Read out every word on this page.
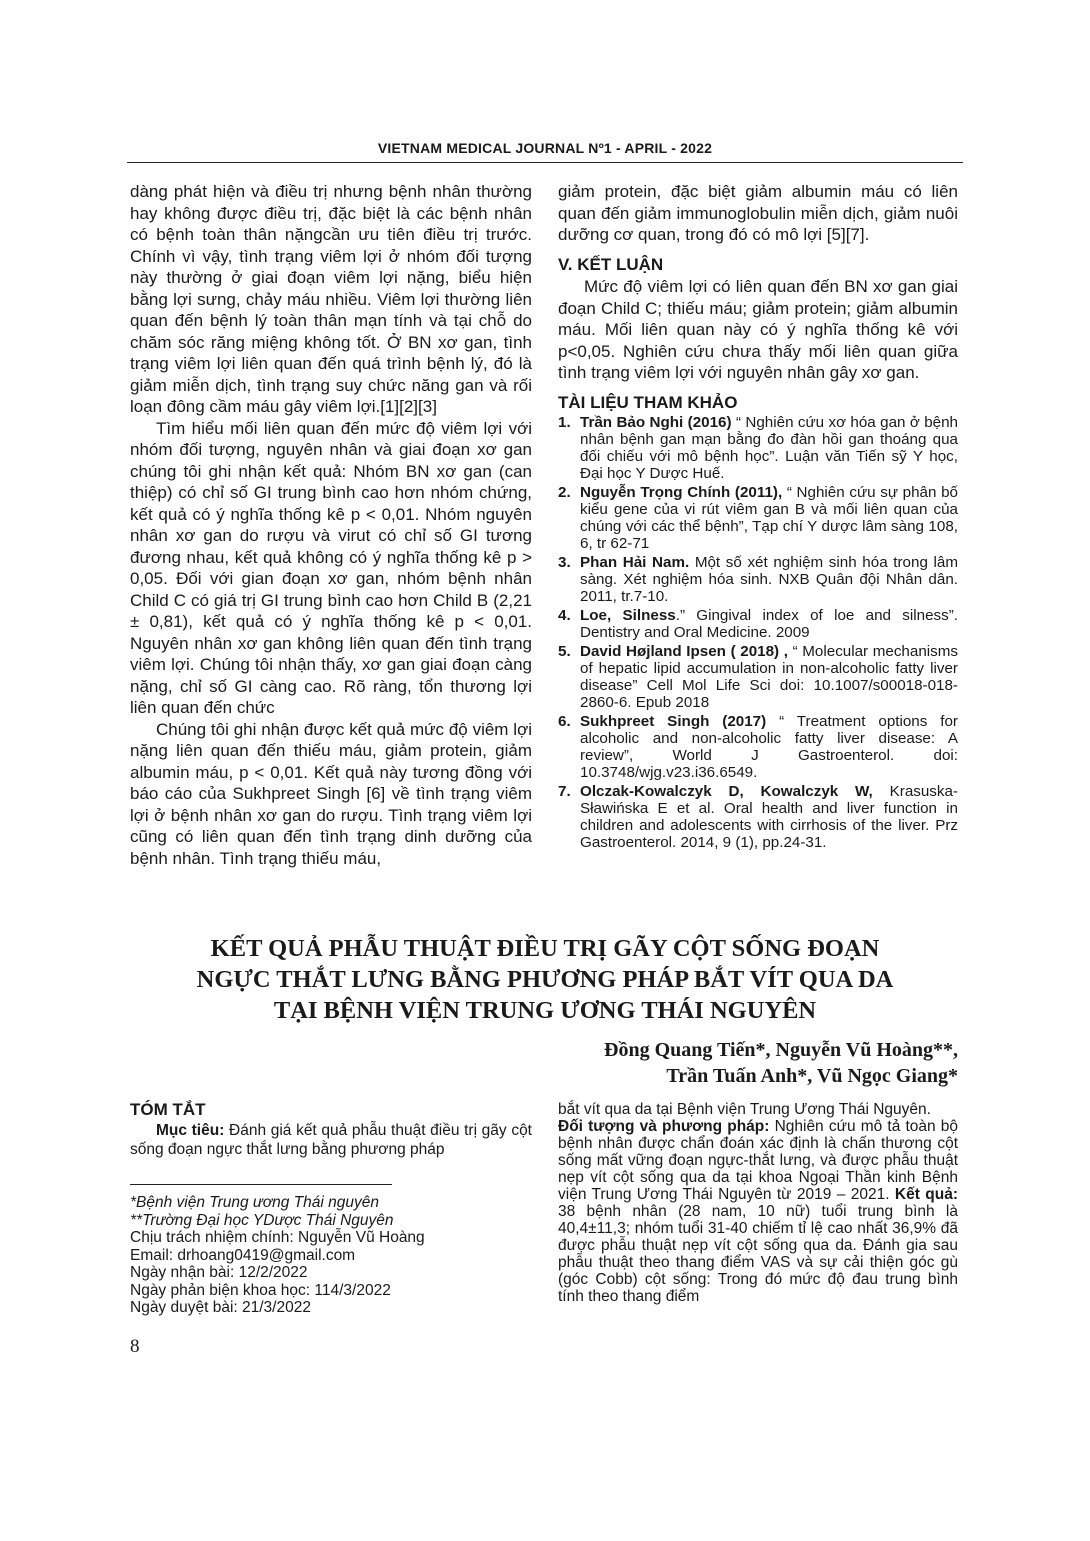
VIETNAM MEDICAL JOURNAL Nº1 - APRIL - 2022

dàng phát hiện và điều trị nhưng bệnh nhân thường hay không được điều trị, đặc biệt là các bệnh nhân có bệnh toàn thân nặngcần ưu tiên điều trị trước. Chính vì vậy, tình trạng viêm lợi ở nhóm đối tượng này thường ở giai đoạn viêm lợi nặng, biểu hiện bằng lợi sưng, chảy máu nhiều. Viêm lợi thường liên quan đến bệnh lý toàn thân mạn tính và tại chỗ do chăm sóc răng miệng không tốt. Ở BN xơ gan, tình trạng viêm lợi liên quan đến quá trình bệnh lý, đó là giảm miễn dịch, tình trạng suy chức năng gan và rối loạn đông cầm máu gây viêm lợi.[1][2][3]

Tìm hiểu mối liên quan đến mức độ viêm lợi với nhóm đối tượng, nguyên nhân và giai đoạn xơ gan chúng tôi ghi nhận kết quả: Nhóm BN xơ gan (can thiệp) có chỉ số GI trung bình cao hơn nhóm chứng, kết quả có ý nghĩa thống kê p < 0,01. Nhóm nguyên nhân xơ gan do rượu và virut có chỉ số GI tương đương nhau, kết quả không có ý nghĩa thống kê p > 0,05. Đối với gian đoạn xơ gan, nhóm bệnh nhân Child C có giá trị GI trung bình cao hơn Child B (2,21 ± 0,81), kết quả có ý nghĩa thống kê p < 0,01. Nguyên nhân xơ gan không liên quan đến tình trạng viêm lợi. Chúng tôi nhận thấy, xơ gan giai đoạn càng nặng, chỉ số GI càng cao. Rõ ràng, tổn thương lợi liên quan đến chức

Chúng tôi ghi nhận được kết quả mức độ viêm lợi nặng liên quan đến thiếu máu, giảm protein, giảm albumin máu, p < 0,01. Kết quả này tương đồng với báo cáo của Sukhpreet Singh [6] về tình trạng viêm lợi ở bệnh nhân xơ gan do rượu. Tình trạng viêm lợi cũng có liên quan đến tình trạng dinh dưỡng của bệnh nhân. Tình trạng thiếu máu,

giảm protein, đặc biệt giảm albumin máu có liên quan đến giảm immunoglobulin miễn dịch, giảm nuôi dưỡng cơ quan, trong đó có mô lợi [5][7].

V. KẾT LUẬN

Mức độ viêm lợi có liên quan đến BN xơ gan giai đoạn Child C; thiếu máu; giảm protein; giảm albumin máu. Mối liên quan này có ý nghĩa thống kê với p<0,05. Nghiên cứu chưa thấy mối liên quan giữa tình trạng viêm lợi với nguyên nhân gây xơ gan.

TÀI LIỆU THAM KHẢO
1. Trần Bảo Nghi (2016) “ Nghiên cứu xơ hóa gan ở bệnh nhân bệnh gan mạn bằng đo đàn hồi gan thoáng qua đối chiếu với mô bệnh học”. Luận văn Tiến sỹ Y học, Đại học Y Dược Huế.
2. Nguyễn Trọng Chính (2011), “ Nghiên cứu sự phân bố kiểu gene của vi rút viêm gan B và mối liên quan của chúng với các thể bệnh”, Tạp chí Y dược lâm sàng 108, 6, tr 62-71
3. Phan Hải Nam. Một số xét nghiệm sinh hóa trong lâm sàng. Xét nghiệm hóa sinh. NXB Quân đội Nhân dân. 2011, tr.7-10.
4. Loe, Silness.” Gingival index of loe and silness”. Dentistry and Oral Medicine. 2009
5. David Højland Ipsen ( 2018) , “ Molecular mechanisms of hepatic lipid accumulation in non-alcoholic fatty liver disease” Cell Mol Life Sci doi: 10.1007/s00018-018-2860-6. Epub 2018
6. Sukhpreet Singh (2017) “ Treatment options for alcoholic and non-alcoholic fatty liver disease: A review”, World J Gastroenterol. doi: 10.3748/wjg.v23.i36.6549.
7. Olczak-Kowalczyk D, Kowalczyk W, Krasuska-Sławińska E et al. Oral health and liver function in children and adolescents with cirrhosis of the liver. Prz Gastroenterol. 2014, 9 (1), pp.24-31.
KẾT QUẢ PHẪU THUẬT ĐIỀU TRỊ GÃY CỘT SỐNG ĐOẠN
NGỰC THẮT LƯNG BẰNG PHƯƠNG PHÁP BẮT VÍT QUA DA
TẠI BỆNH VIỆN TRUNG ƯƠNG THÁI NGUYÊN
Đồng Quang Tiến*, Nguyễn Vũ Hoàng**,
Trần Tuấn Anh*, Vũ Ngọc Giang*
TÓM TẮT

Mục tiêu: Đánh giá kết quả phẫu thuật điều trị gãy cột sống đoạn ngực thắt lưng bằng phương pháp

*Bệnh viện Trung ương Thái nguyên
**Trường Đại học YDược Thái Nguyên
Chịu trách nhiệm chính: Nguyễn Vũ Hoàng
Email: drhoang0419@gmail.com
Ngày nhận bài: 12/2/2022
Ngày phản biện khoa học: 114/3/2022
Ngày duyệt bài: 21/3/2022

bắt vít qua da tại Bệnh viện Trung Ương Thái Nguyên.

Đối tượng và phương pháp: Nghiên cứu mô tả toàn bộ bệnh nhân được chẩn đoán xác định là chấn thương cột sống mất vững đoạn ngực-thắt lưng, và được phẫu thuật nẹp vít cột sống qua da tại khoa Ngoại Thần kinh Bệnh viện Trung Ương Thái Nguyên từ 2019 – 2021. Kết quả: 38 bệnh nhân (28 nam, 10 nữ) tuổi trung bình là 40,4±11,3; nhóm tuổi 31-40 chiếm tỉ lệ cao nhất 36,9% đã được phẫu thuật nẹp vít cột sống qua da. Đánh gia sau phẫu thuật theo thang điểm VAS và sự cải thiện góc gù (góc Cobb) cột sống: Trong đó mức độ đau trung bình tính theo thang điểm

8
